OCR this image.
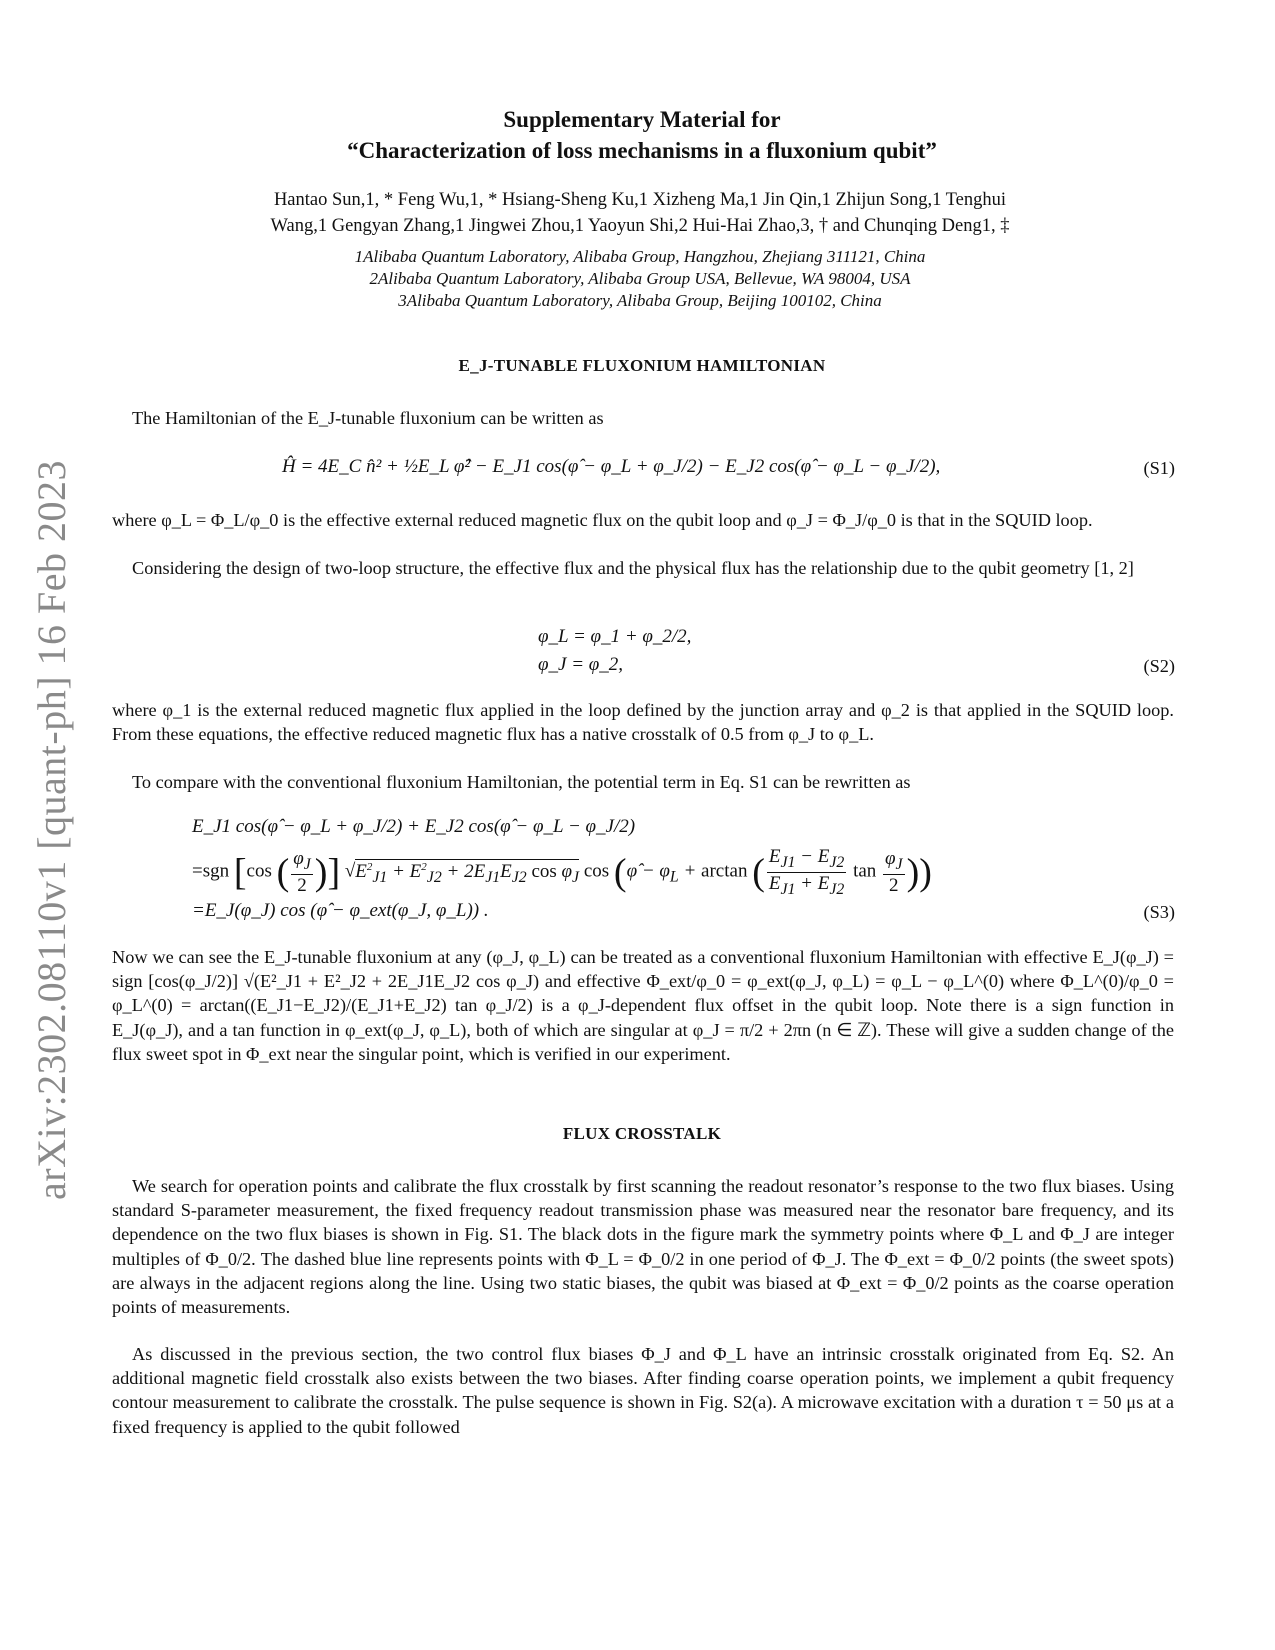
arXiv:2302.08110v1 [quant-ph] 16 Feb 2023
Supplementary Material for
“Characterization of loss mechanisms in a fluxonium qubit”
Hantao Sun,1, * Feng Wu,1, * Hsiang-Sheng Ku,1 Xizheng Ma,1 Jin Qin,1 Zhijun Song,1 Tenghui
Wang,1 Gengyan Zhang,1 Jingwei Zhou,1 Yaoyun Shi,2 Hui-Hai Zhao,3, † and Chunqing Deng1, ‡
1Alibaba Quantum Laboratory, Alibaba Group, Hangzhou, Zhejiang 311121, China
2Alibaba Quantum Laboratory, Alibaba Group USA, Bellevue, WA 98004, USA
3Alibaba Quantum Laboratory, Alibaba Group, Beijing 100102, China
E_J-TUNABLE FLUXONIUM HAMILTONIAN
The Hamiltonian of the E_J-tunable fluxonium can be written as
Ĥ = 4E_C n̂² + ½E_L φ̂² − E_J1 cos(φ̂ − φ_L + φ_J/2) − E_J2 cos(φ̂ − φ_L − φ_J/2),	(S1)
where φ_L = Φ_L/φ_0 is the effective external reduced magnetic flux on the qubit loop and φ_J = Φ_J/φ_0 is that in the SQUID loop.
Considering the design of two-loop structure, the effective flux and the physical flux has the relationship due to the qubit geometry [1, 2]
φ_L = φ_1 + φ_2/2,
φ_J = φ_2,	(S2)
where φ_1 is the external reduced magnetic flux applied in the loop defined by the junction array and φ_2 is that applied in the SQUID loop. From these equations, the effective reduced magnetic flux has a native crosstalk of 0.5 from φ_J to φ_L.
To compare with the conventional fluxonium Hamiltonian, the potential term in Eq. S1 can be rewritten as
E_J1 cos(φ̂ − φ_L + φ_J/2) + E_J2 cos(φ̂ − φ_L − φ_J/2)
=sgn [cos ( $\frac{\varphi_J}{2}$ )] $√E^2_{J1} + E^2_{J2} + 2E_{J1}E_{J2}$ $\cos \varphi_J$ cos (φ̂ − $\varphi_L + \arctan$ ( $\frac{E_{J1} - E_{J2}}{E_{J1} + E_{J2}}$ $\tan \frac{\varphi_J}{2}$ ))
=E_J(φ_J) cos (φ̂ − φ_ext(φ_J, φ_L)) .	(S3)
Now we can see the E_J-tunable fluxonium at any (φ_J, φ_L) can be treated as a conventional fluxonium Hamiltonian with effective E_J(φ_J) = sign [cos(φ_J/2)] √(E²_J1 + E²_J2 + 2E_J1E_J2 cos φ_J) and effective Φ_ext/φ_0 = φ_ext(φ_J, φ_L) = φ_L − φ_L^(0) where Φ_L^(0)/φ_0 = φ_L^(0) = arctan((E_J1−E_J2)/(E_J1+E_J2) tan φ_J/2) is a φ_J-dependent flux offset in the qubit loop. Note there is a sign function in E_J(φ_J), and a tan function in φ_ext(φ_J, φ_L), both of which are singular at φ_J = π/2 + 2πn (n ∈ ℤ). These will give a sudden change of the flux sweet spot in Φ_ext near the singular point, which is verified in our experiment.
FLUX CROSSTALK
We search for operation points and calibrate the flux crosstalk by first scanning the readout resonator’s response to the two flux biases. Using standard S-parameter measurement, the fixed frequency readout transmission phase was measured near the resonator bare frequency, and its dependence on the two flux biases is shown in Fig. S1. The black dots in the figure mark the symmetry points where Φ_L and Φ_J are integer multiples of Φ_0/2. The dashed blue line represents points with Φ_L = Φ_0/2 in one period of Φ_J. The Φ_ext = Φ_0/2 points (the sweet spots) are always in the adjacent regions along the line. Using two static biases, the qubit was biased at Φ_ext = Φ_0/2 points as the coarse operation points of measurements.
As discussed in the previous section, the two control flux biases Φ_J and Φ_L have an intrinsic crosstalk originated from Eq. S2. An additional magnetic field crosstalk also exists between the two biases. After finding coarse operation points, we implement a qubit frequency contour measurement to calibrate the crosstalk. The pulse sequence is shown in Fig. S2(a). A microwave excitation with a duration τ = 50 μs at a fixed frequency is applied to the qubit followed
